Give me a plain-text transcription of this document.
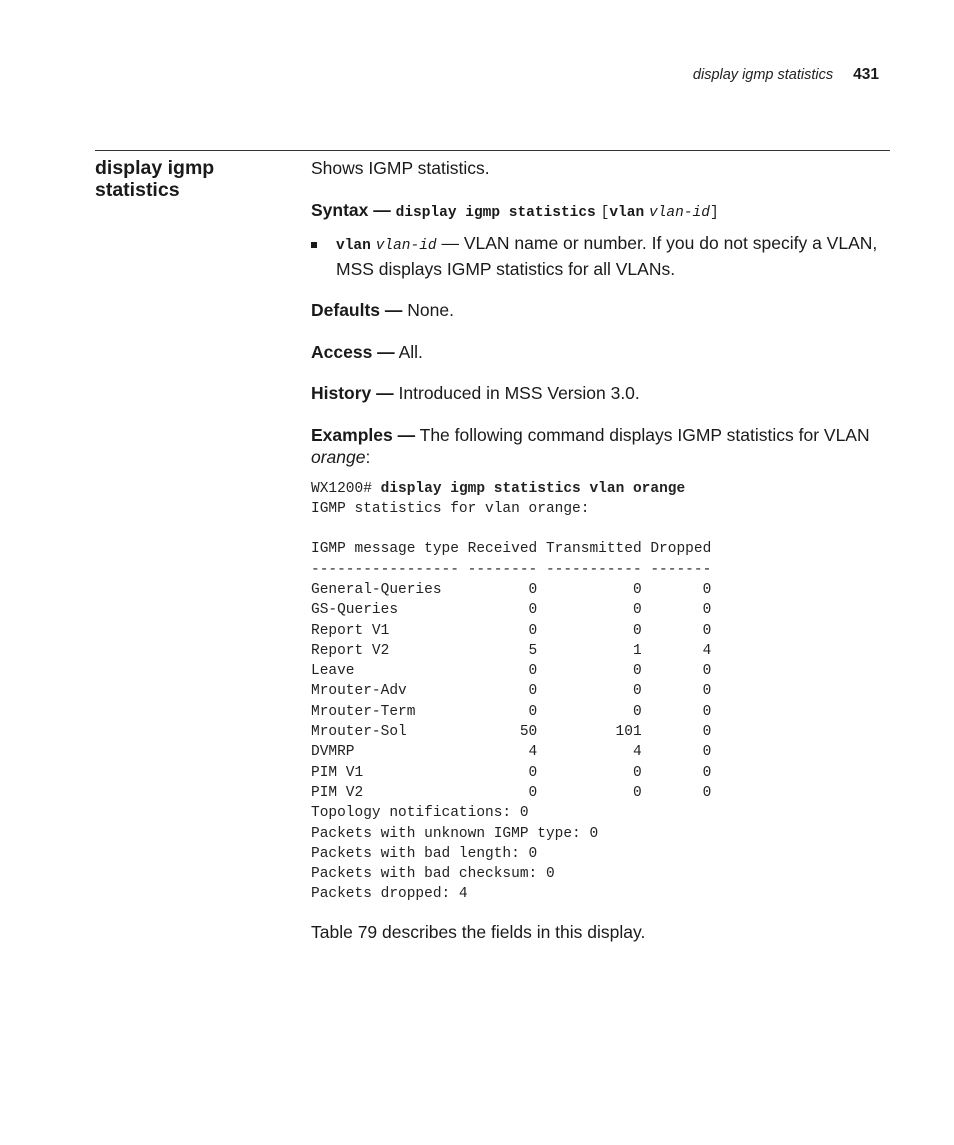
display igmp statistics 431
display igmp statistics

Shows IGMP statistics.

Syntax — display igmp statistics [vlan vlan-id]

vlan vlan-id — VLAN name or number. If you do not specify a VLAN, MSS displays IGMP statistics for all VLANs.

Defaults — None.

Access — All.

History — Introduced in MSS Version 3.0.

Examples — The following command displays IGMP statistics for VLAN orange:

WX1200# display igmp statistics vlan orange
IGMP statistics for vlan orange:

IGMP message type Received Transmitted Dropped
----------------- -------- ----------- -------
General-Queries          0           0       0
GS-Queries               0           0       0
Report V1                0           0       0
Report V2                5           1       4
Leave                    0           0       0
Mrouter-Adv              0           0       0
Mrouter-Term             0           0       0
Mrouter-Sol             50         101       0
DVMRP                    4           4       0
PIM V1                   0           0       0
PIM V2                   0           0       0
Topology notifications: 0
Packets with unknown IGMP type: 0
Packets with bad length: 0
Packets with bad checksum: 0
Packets dropped: 4

Table 79 describes the fields in this display.
